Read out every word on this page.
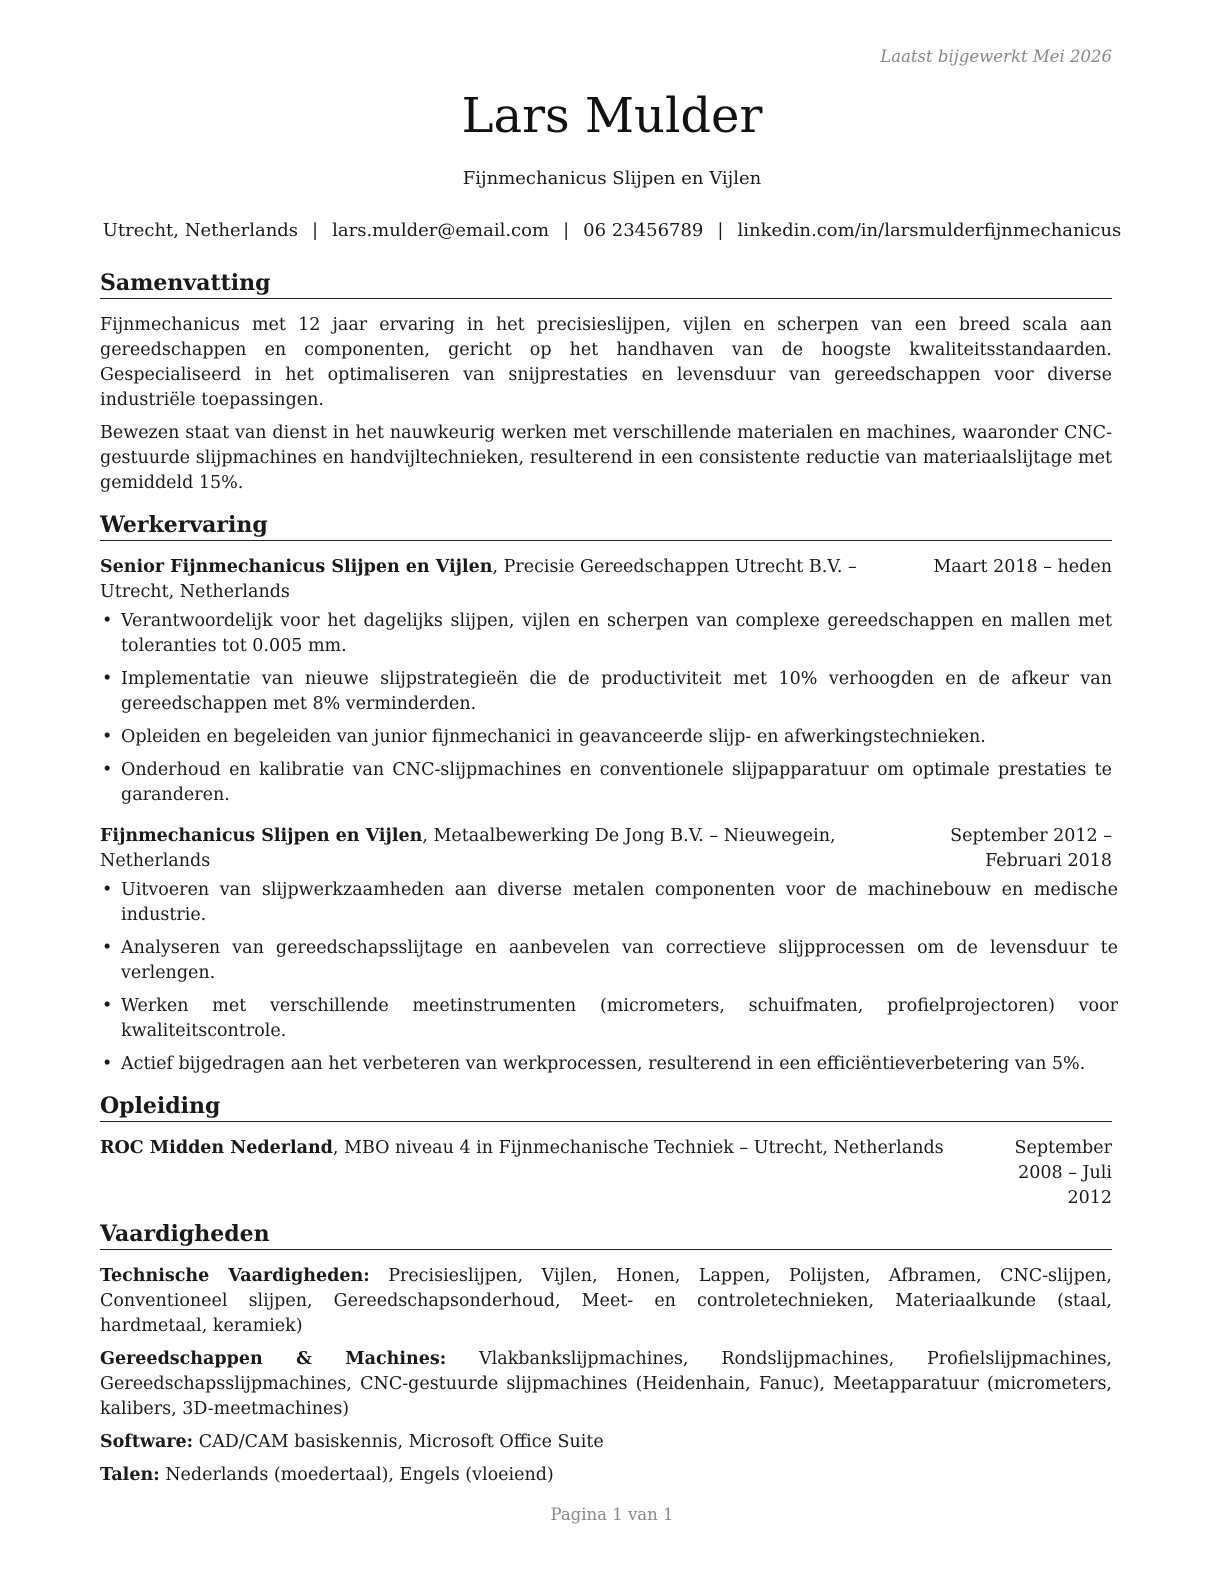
Laatst bijgewerkt Mei 2026
Lars Mulder
Fijnmechanicus Slijpen en Vijlen
Utrecht, Netherlands | lars.mulder@email.com | 06 23456789 | linkedin.com/in/larsmulderfijnmechanicus
Samenvatting

Fijnmechanicus met 12 jaar ervaring in het precisieslijpen, vijlen en scherpen van een breed scala aan gereedschappen en componenten, gericht op het handhaven van de hoogste kwaliteitsstandaarden. Gespecialiseerd in het optimaliseren van snijprestaties en levensduur van gereedschappen voor diverse industriële toepassingen.

Bewezen staat van dienst in het nauwkeurig werken met verschillende materialen en machines, waaronder CNC-gestuurde slijpmachines en handvijltechnieken, resulterend in een consistente reductie van materiaalslijtage met gemiddeld 15%.

Werkervaring
Senior Fijnmechanicus Slijpen en Vijlen, Precisie Gereedschappen Utrecht B.V. – Utrecht, Netherlands
Maart 2018 – heden
• Verantwoordelijk voor het dagelijks slijpen, vijlen en scherpen van complexe gereedschappen en mallen met toleranties tot 0.005 mm.
• Implementatie van nieuwe slijpstrategieën die de productiviteit met 10% verhoogden en de afkeur van gereedschappen met 8% verminderden.
• Opleiden en begeleiden van junior fijnmechanici in geavanceerde slijp- en afwerkingstechnieken.
• Onderhoud en kalibratie van CNC-slijpmachines en conventionele slijpapparatuur om optimale prestaties te garanderen.
Fijnmechanicus Slijpen en Vijlen, Metaalbewerking De Jong B.V. – Nieuwegein, Netherlands
September 2012 – Februari 2018
• Uitvoeren van slijpwerkzaamheden aan diverse metalen componenten voor de machinebouw en medische industrie.
• Analyseren van gereedschapsslijtage en aanbevelen van correctieve slijpprocessen om de levensduur te verlengen.
• Werken met verschillende meetinstrumenten (micrometers, schuifmaten, profielprojectoren) voor kwaliteitscontrole.
• Actief bijgedragen aan het verbeteren van werkprocessen, resulterend in een efficiëntieverbetering van 5%.
Opleiding
ROC Midden Nederland, MBO niveau 4 in Fijnmechanische Techniek – Utrecht, Netherlands	September 2008 – Juli 2012
Vaardigheden

Technische Vaardigheden: Precisieslijpen, Vijlen, Honen, Lappen, Polijsten, Afbramen, CNC-slijpen, Conventioneel slijpen, Gereedschapsonderhoud, Meet- en controletechnieken, Materiaalkunde (staal, hardmetaal, keramiek)

Gereedschappen & Machines: Vlakbankslijpmachines, Rondslijpmachines, Profielslijpmachines, Gereedschapsslijpmachines, CNC-gestuurde slijpmachines (Heidenhain, Fanuc), Meetapparatuur (micrometers, kalibers, 3D-meetmachines)

Software: CAD/CAM basiskennis, Microsoft Office Suite

Talen: Nederlands (moedertaal), Engels (vloeiend)

Pagina 1 van 1
